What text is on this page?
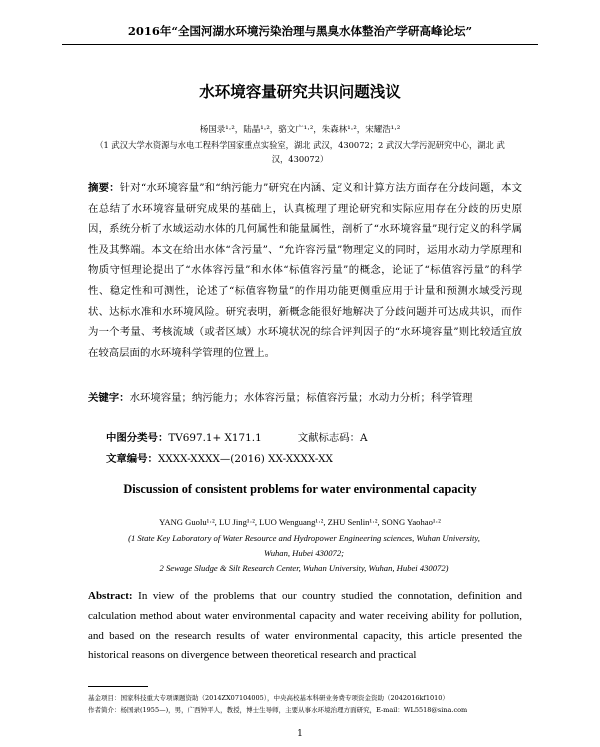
2016年“全国河湖水环境污染治理与黑臭水体整治产学研高峰论坛”
水环境容量研究共识问题浅议
杨国录¹·²，陆晶¹·²，骆文广¹·²，朱森林¹·²，宋耀浩¹·²
（1 武汉大学水资源与水电工程科学国家重点实验室，湖北 武汉，430072；2 武汉大学污泥研究中心，湖北 武汉，430072）
摘要：针对“水环境容量”和“纳污能力”研究在内涵、定义和计算方法方面存在分歧问题，本文在总结了水环境容量研究成果的基础上，认真梳理了理论研究和实际应用存在分歧的历史原因，系统分析了水域运动水体的几何属性和能量属性，剖析了“水环境容量”现行定义的科学属性及其弊端。本文在给出水体“含污量”、“允许容污量”物理定义的同时，运用水动力学原理和物质守恒理论提出了“水体容污量”和水体“标值容污量”的概念，论证了“标值容污量”的科学性、稳定性和可测性，论述了“标值容物量”的作用功能更侧重应用于计量和预测水域受污现状、达标水准和水环境风险。研究表明，新概念能很好地解决了分歧问题并可达成共识，而作为一个考量、考核流域（或者区域）水环境状况的综合评判因子的“水环境容量”则比较适宜放在较高层面的水环境科学管理的位置上。
关键字：水环境容量；纳污能力；水体容污量；标值容污量；水动力分析；科学管理
中图分类号：TV697.1+ X171.1	文献标志码：A
文章编号：XXXX-XXXX—(2016) XX-XXXX-XX
Discussion of consistent problems for water environmental capacity
YANG Guolu¹·², LU Jing¹·², LUO Wenguang¹·², ZHU Senlin¹·², SONG Yaohao¹·²
(1 State Key Laboratory of Water Resource and Hydropower Engineering sciences, Wuhan University, Wuhan, Hubei 430072;
2 Sewage Sludge & Silt Research Center, Wuhan University, Wuhan, Hubei 430072)
Abstract: In view of the problems that our country studied the connotation, definition and calculation method about water environmental capacity and water receiving ability for pollution, and based on the research results of water environmental capacity, this article presented the historical reasons on divergence between theoretical research and practical
基金项目：国家科技重大专项课题资助（2014ZX07104005），中央高校基本科研业务费专项资金资助（2042016kf1010）
作者简介：杨国录(1955—)，男，广西钟平人，教授，博士生导师，主要从事水环境治理方面研究，E-mail：WL5518@sina.com
1
